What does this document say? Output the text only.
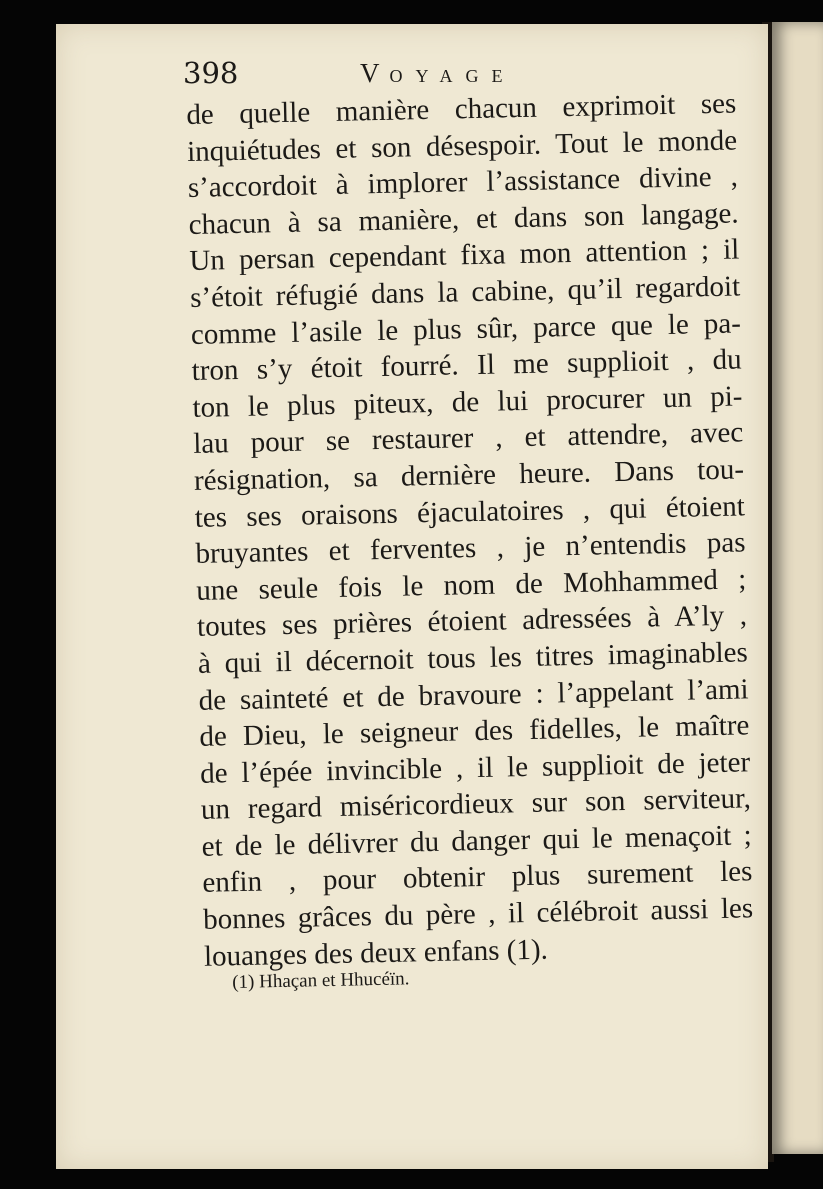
398	VOYAGE
de quelle manière chacun exprimoit ses
inquiétudes et son désespoir. Tout le monde
s’accordoit à implorer l’assistance divine ,
chacun à sa manière, et dans son langage.
Un persan cependant fixa mon attention ; il
s’étoit réfugié dans la cabine, qu’il regardoit
comme l’asile le plus sûr, parce que le pa-
tron s’y étoit fourré. Il me supplioit , du
ton le plus piteux, de lui procurer un pi-
lau pour se restaurer , et attendre, avec
résignation, sa dernière heure. Dans tou-
tes ses oraisons éjaculatoires , qui étoient
bruyantes et ferventes , je n’entendis pas
une seule fois le nom de Mohhammed ;
toutes ses prières étoient adressées à A’ly ,
à qui il décernoit tous les titres imaginables
de sainteté et de bravoure : l’appelant l’ami
de Dieu, le seigneur des fidelles, le maître
de l’épée invincible , il le supplioit de jeter
un regard miséricordieux sur son serviteur,
et de le délivrer du danger qui le menaçoit ;
enfin , pour obtenir plus surement les
bonnes grâces du père , il célébroit aussi les
louanges des deux enfans (1).
(1) Hhaçan et Hhucéïn.
